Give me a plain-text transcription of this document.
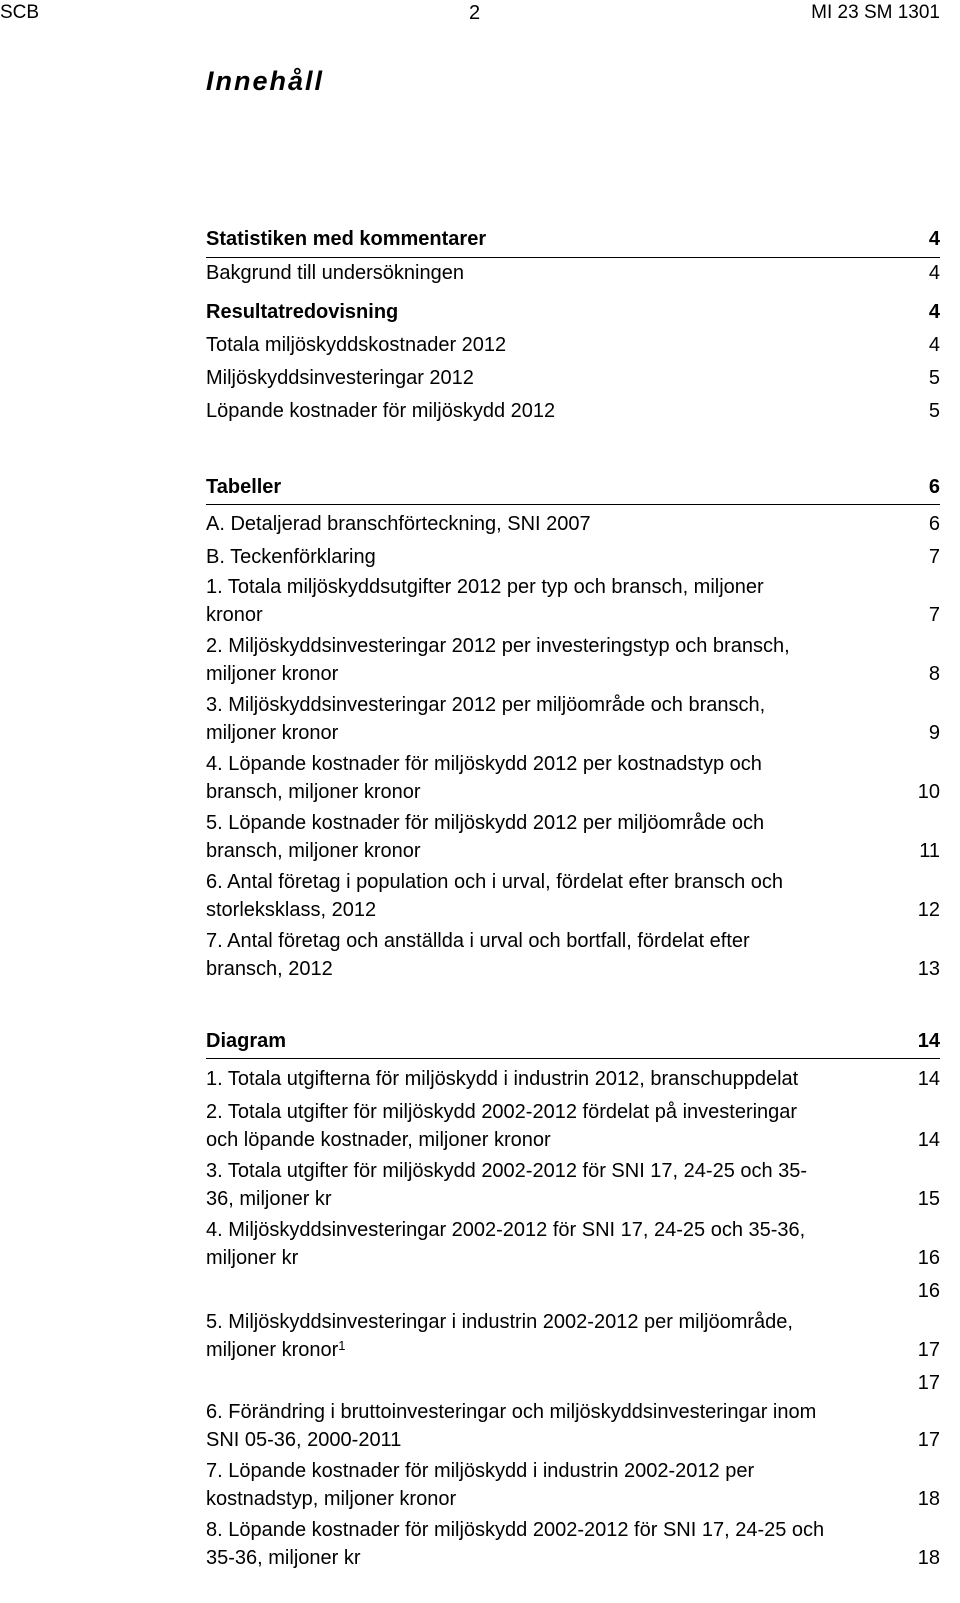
SCB	2	MI 23 SM 1301
Innehåll
Statistiken med kommentarer	4
Bakgrund till undersökningen	4
Resultatredovisning	4
Totala miljöskyddskostnader 2012	4
Miljöskyddsinvesteringar 2012	5
Löpande kostnader för miljöskydd 2012	5
Tabeller	6
A. Detaljerad branschförteckning, SNI 2007	6
B. Teckenförklaring	7
1. Totala miljöskyddsutgifter 2012 per typ och bransch, miljoner
kronor	7
2. Miljöskyddsinvesteringar 2012 per investeringstyp och bransch,
miljoner kronor	8
3. Miljöskyddsinvesteringar 2012 per miljöområde och bransch,
miljoner kronor	9
4. Löpande kostnader för miljöskydd 2012 per kostnadstyp och
bransch, miljoner kronor	10
5. Löpande kostnader för miljöskydd 2012 per miljöområde och
bransch, miljoner kronor	11
6. Antal företag i population och i urval, fördelat efter bransch och
storleksklass, 2012	12
7. Antal företag och anställda i urval och bortfall, fördelat efter
bransch, 2012	13
Diagram	14
1. Totala utgifterna för miljöskydd i industrin 2012, branschuppdelat	14
2. Totala utgifter för miljöskydd 2002-2012 fördelat på investeringar
och löpande kostnader, miljoner kronor	14
3. Totala utgifter för miljöskydd 2002-2012 för SNI 17, 24-25 och 35-
36, miljoner kr	15
4. Miljöskyddsinvesteringar 2002-2012 för SNI 17, 24-25 och 35-36,
miljoner kr	16
16
5. Miljöskyddsinvesteringar i industrin 2002-2012 per miljöområde,
miljoner kronor$^1$	17
17
6. Förändring i bruttoinvesteringar och miljöskyddsinvesteringar inom
SNI 05-36, 2000-2011	17
7. Löpande kostnader för miljöskydd i industrin 2002-2012 per
kostnadstyp, miljoner kronor	18
8. Löpande kostnader för miljöskydd 2002-2012 för SNI 17, 24-25 och
35-36, miljoner kr	18
